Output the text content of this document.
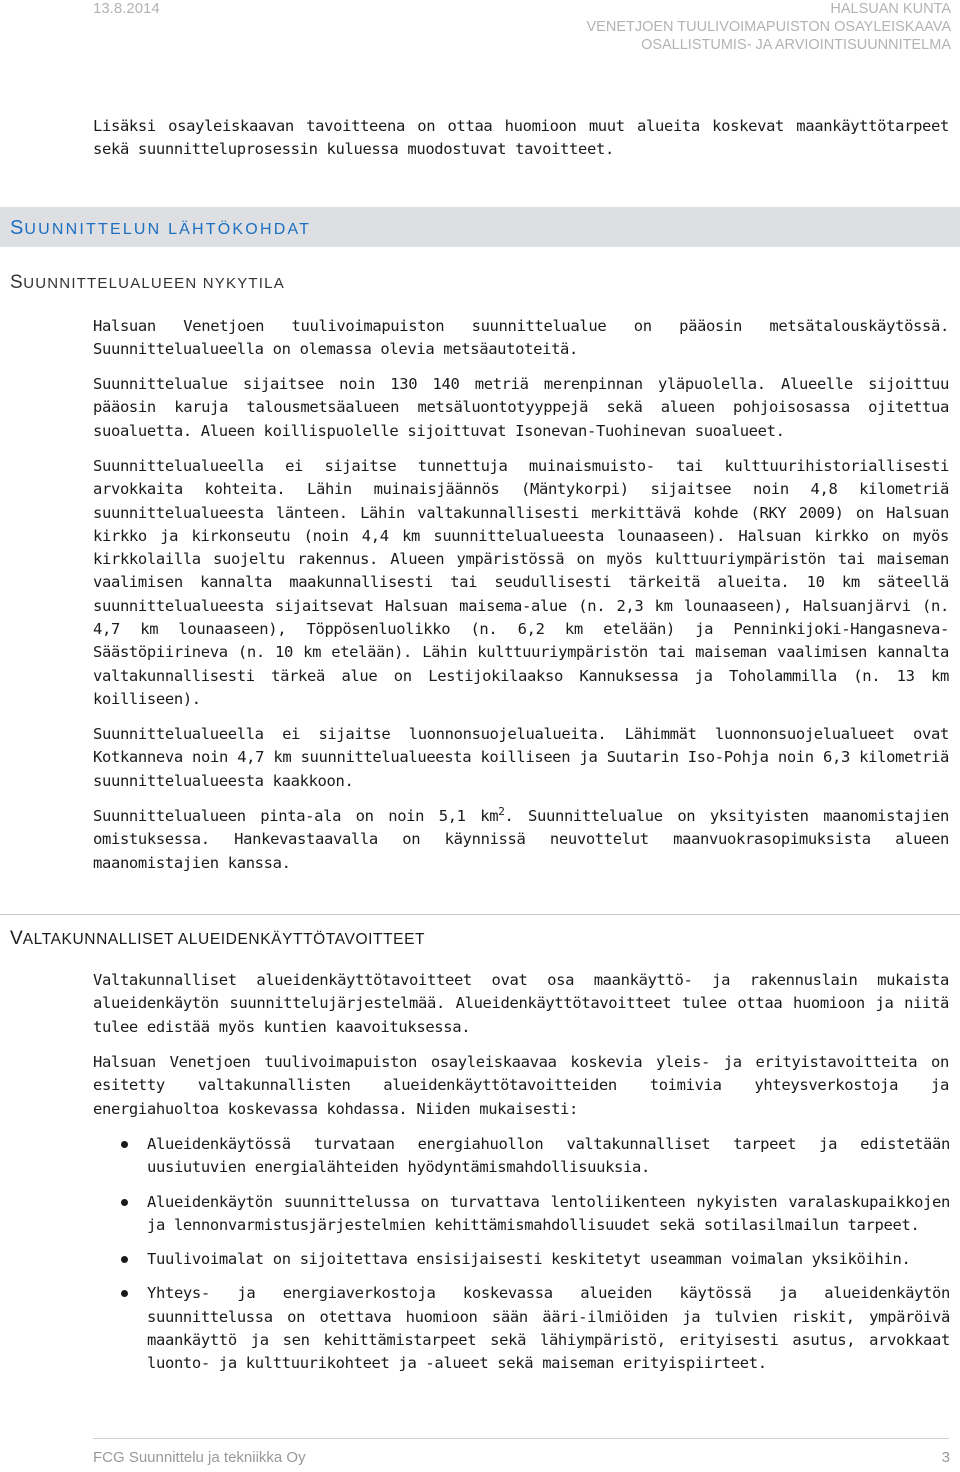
13.8.2014	HALSUAN KUNTA
VENETJOEN TUULIVOIMAPUISTON OSAYLEISKAAVA
OSALLISTUMIS- JA ARVIOINTISUUNNITELMA

Lisäksi osayleiskaavan tavoitteena on ottaa huomioon muut alueita koskevat maankäyttötarpeet sekä suunnitteluprosessin kuluessa muodostuvat tavoitteet.

SUUNNITTELUN LÄHTÖKOHDAT
SUUNNITTELUALUEEN NYKYTILA

Halsuan Venetjoen tuulivoimapuiston suunnittelualue on pääosin metsätalouskäytössä. Suunnittelualueella on olemassa olevia metsäautoteitä.

Suunnittelualue sijaitsee noin 130 140 metriä merenpinnan yläpuolella. Alueelle sijoittuu pääosin karuja talousmetsäalueen metsäluontotyyppejä sekä alueen pohjoisosassa ojitettua suoaluetta. Alueen koillispuolelle sijoittuvat Isonevan-Tuohinevan suoalueet.

Suunnittelualueella ei sijaitse tunnettuja muinaismuisto- tai kulttuurihistoriallisesti arvokkaita kohteita. Lähin muinaisjäännös (Mäntykorpi) sijaitsee noin 4,8 kilometriä suunnittelualueesta länteen. Lähin valtakunnallisesti merkittävä kohde (RKY 2009) on Halsuan kirkko ja kirkonseutu (noin 4,4 km suunnittelualueesta lounaaseen). Halsuan kirkko on myös kirkkolailla suojeltu rakennus. Alueen ympäristössä on myös kulttuuriympäristön tai maiseman vaalimisen kannalta maakunnallisesti tai seudullisesti tärkeitä alueita. 10 km säteellä suunnittelualueesta sijaitsevat Halsuan maisema-alue (n. 2,3 km lounaaseen), Halsuanjärvi (n. 4,7 km lounaaseen), Töppösenluolikko (n. 6,2 km etelään) ja Penninkijoki-Hangasneva-Säästöpiirineva (n. 10 km etelään). Lähin kulttuuriympäristön tai maiseman vaalimisen kannalta valtakunnallisesti tärkeä alue on Lestijokilaakso Kannuksessa ja Toholammilla (n. 13 km koilliseen).

Suunnittelualueella ei sijaitse luonnonsuojelualueita. Lähimmät luonnonsuojelualueet ovat Kotkanneva noin 4,7 km suunnittelualueesta koilliseen ja Suutarin Iso-Pohja noin 6,3 kilometriä suunnittelualueesta kaakkoon.

Suunnittelualueen pinta-ala on noin 5,1 $km^2$. Suunnittelualue on yksityisten maanomistajien omistuksessa. Hankevastaavalla on käynnissä neuvottelut maanvuokrasopimuksista alueen maanomistajien kanssa.

VALTAKUNNALLISET ALUEIDENKÄYTTÖTAVOITTEET

Valtakunnalliset alueidenkäyttötavoitteet ovat osa maankäyttö- ja rakennuslain mukaista alueidenkäytön suunnittelujärjestelmää. Alueidenkäyttötavoitteet tulee ottaa huomioon ja niitä tulee edistää myös kuntien kaavoituksessa.

Halsuan Venetjoen tuulivoimapuiston osayleiskaavaa koskevia yleis- ja erityistavoitteita on esitetty valtakunnallisten alueidenkäyttötavoitteiden toimivia yhteysverkostoja ja energiahuoltoa koskevassa kohdassa. Niiden mukaisesti:

Alueidenkäytössä turvataan energiahuollon valtakunnalliset tarpeet ja edistetään uusiutuvien energialähteiden hyödyntämismahdollisuuksia.
Alueidenkäytön suunnittelussa on turvattava lentoliikenteen nykyisten varalaskupaikkojen ja lennonvarmistusjärjestelmien kehittämismahdollisuudet sekä sotilasilmailun tarpeet.
Tuulivoimalat on sijoitettava ensisijaisesti keskitetyt useamman voimalan yksiköihin.
Yhteys- ja energiaverkostoja koskevassa alueiden käytössä ja alueidenkäytön suunnittelussa on otettava huomioon sään ääri-ilmiöiden ja tulvien riskit, ympäröivä maankäyttö ja sen kehittämistarpeet sekä lähiympäristö, erityisesti asutus, arvokkaat luonto- ja kulttuurikohteet ja -alueet sekä maiseman erityispiirteet.
FCG Suunnittelu ja tekniikka Oy	3
